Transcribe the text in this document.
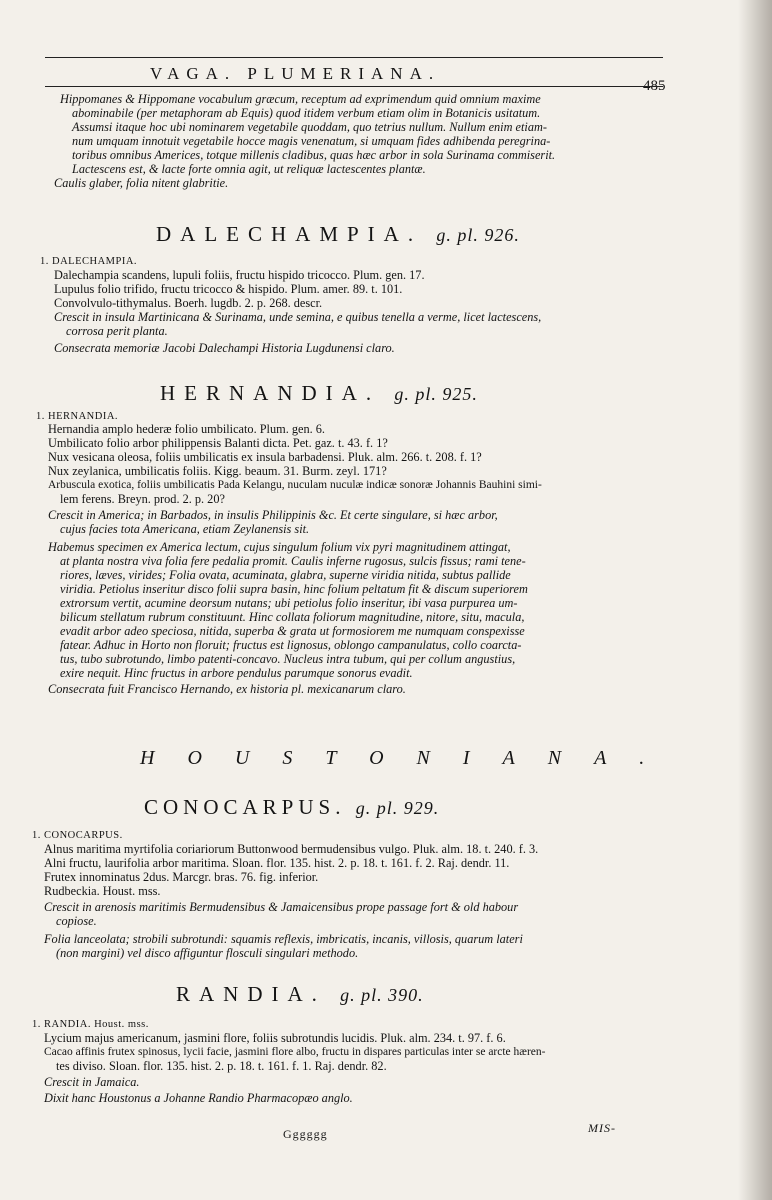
VAGA. PLUMERIANA.
485
Hippomanes & Hippomane vocabulum græcum, receptum ad exprimendum quid omnium maxime
abominabile (per metaphoram ab Equis) quod itidem verbum etiam olim in Botanicis usitatum.
Assumsi itaque hoc ubi nominarem vegetabile quoddam, quo tetrius nullum. Nullum enim etiam-
num umquam innotuit vegetabile hocce magis venenatum, si umquam fides adhibenda peregrina-
toribus omnibus Americes, totque millenis cladibus, quas hæc arbor in sola Surinama commiserit.
Lactescens est, & lacte forte omnia agit, ut reliquæ lactescentes plantæ.
Caulis glaber, folia nitent glabritie.
DALECHAMPIA. g. pl. 926.
1. DALECHAMPIA.
Dalechampia scandens, lupuli foliis, fructu hispido tricocco. Plum. gen. 17.
Lupulus folio trifido, fructu tricocco & hispido. Plum. amer. 89. t. 101.
Convolvulo-tithymalus. Boerh. lugdb. 2. p. 268. descr.
Crescit in insula Martinicana & Surinama, unde semina, e quibus tenella a verme, licet lactescens,
corrosa perit planta.
Consecrata memoriæ Jacobi Dalechampi Historia Lugdunensi claro.
HERNANDIA. g. pl. 925.
1. HERNANDIA.
Hernandia amplo hederæ folio umbilicato. Plum. gen. 6.
Umbilicato folio arbor philippensis Balanti dicta. Pet. gaz. t. 43. f. 1?
Nux vesicana oleosa, foliis umbilicatis ex insula barbadensi. Pluk. alm. 266. t. 208. f. 1?
Nux zeylanica, umbilicatis foliis. Kigg. beaum. 31. Burm. zeyl. 171?
Arbuscula exotica, foliis umbilicatis Pada Kelangu, nuculam nuculæ indicæ sonoræ Johannis Bauhini simi-
lem ferens. Breyn. prod. 2. p. 20?
Crescit in America; in Barbados, in insulis Philippinis &c. Et certe singulare, si hæc arbor,
cujus facies tota Americana, etiam Zeylanensis sit.
Habemus specimen ex America lectum, cujus singulum folium vix pyri magnitudinem attingat,
at planta nostra viva folia fere pedalia promit. Caulis inferne rugosus, sulcis fissus; rami tene-
riores, læves, virides; Folia ovata, acuminata, glabra, superne viridia nitida, subtus pallide
viridia. Petiolus inseritur disco folii supra basin, hinc folium peltatum fit & discum superiorem
extrorsum vertit, acumine deorsum nutans; ubi petiolus folio inseritur, ibi vasa purpurea um-
bilicum stellatum rubrum constituunt. Hinc collata foliorum magnitudine, nitore, situ, macula,
evadit arbor adeo speciosa, nitida, superba & grata ut formosiorem me numquam conspexisse
fatear. Adhuc in Horto non floruit; fructus est lignosus, oblongo campanulatus, collo coarcta-
tus, tubo subrotundo, limbo patenti-concavo. Nucleus intra tubum, qui per collum angustius,
exire nequit. Hinc fructus in arbore pendulus parumque sonorus evadit.
Consecrata fuit Francisco Hernando, ex historia pl. mexicanarum claro.
HOUSTONIANA.
CONOCARPUS. g. pl. 929.
1. CONOCARPUS.
Alnus maritima myrtifolia coriariorum Buttonwood bermudensibus vulgo. Pluk. alm. 18. t. 240. f. 3.
Alni fructu, laurifolia arbor maritima. Sloan. flor. 135. hist. 2. p. 18. t. 161. f. 2. Raj. dendr. 11.
Frutex innominatus 2dus. Marcgr. bras. 76. fig. inferior.
Rudbeckia. Houst. mss.
Crescit in arenosis maritimis Bermudensibus & Jamaicensibus prope passage fort & old habour
copiose.
Folia lanceolata; strobili subrotundi: squamis reflexis, imbricatis, incanis, villosis, quarum lateri
(non margini) vel disco affiguntur flosculi singulari methodo.
RANDIA. g. pl. 390.
1. RANDIA. Houst. mss.
Lycium majus americanum, jasmini flore, foliis subrotundis lucidis. Pluk. alm. 234. t. 97. f. 6.
Cacao affinis frutex spinosus, lycii facie, jasmini flore albo, fructu in dispares particulas inter se arcte hæren-
tes diviso. Sloan. flor. 135. hist. 2. p. 18. t. 161. f. 1. Raj. dendr. 82.
Crescit in Jamaica.
Dixit hanc Houstonus a Johanne Randio Pharmacopæo anglo.
Gggggg	MIS-
